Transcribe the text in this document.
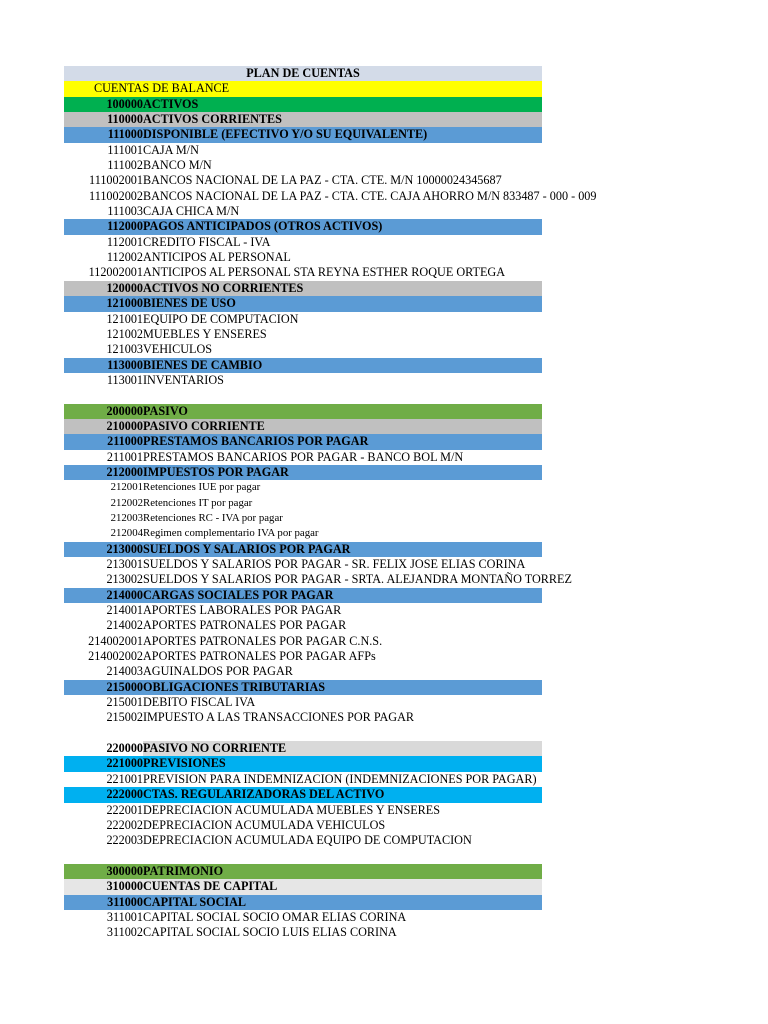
PLAN DE CUENTAS
CUENTAS DE BALANCE
100000 ACTIVOS
110000 ACTIVOS CORRIENTES
111000 DISPONIBLE (EFECTIVO Y/O SU EQUIVALENTE)
111001 CAJA M/N
111002 BANCO M/N
111002001 BANCOS NACIONAL DE LA PAZ - CTA. CTE. M/N 10000024345687
111002002 BANCOS NACIONAL DE LA PAZ - CTA. CTE. CAJA AHORRO M/N 833487 - 000 - 009
111003 CAJA CHICA M/N
112000 PAGOS ANTICIPADOS (OTROS ACTIVOS)
112001 CREDITO FISCAL - IVA
112002 ANTICIPOS AL PERSONAL
112002001 ANTICIPOS AL PERSONAL STA REYNA ESTHER ROQUE ORTEGA
120000 ACTIVOS NO CORRIENTES
121000 BIENES DE USO
121001 EQUIPO DE COMPUTACION
121002 MUEBLES Y ENSERES
121003 VEHICULOS
113000 BIENES DE CAMBIO
113001 INVENTARIOS
200000 PASIVO
210000 PASIVO CORRIENTE
211000 PRESTAMOS BANCARIOS POR PAGAR
211001 PRESTAMOS BANCARIOS POR PAGAR - BANCO BOL M/N
212000 IMPUESTOS POR PAGAR
212001 Retenciones IUE por pagar
212002 Retenciones IT por pagar
212003 Retenciones RC - IVA por pagar
212004 Regimen complementario IVA por pagar
213000 SUELDOS Y SALARIOS POR PAGAR
213001 SUELDOS Y SALARIOS POR PAGAR - SR. FELIX JOSE ELIAS CORINA
213002 SUELDOS Y SALARIOS POR PAGAR - SRTA. ALEJANDRA MONTAÑO TORREZ
214000 CARGAS SOCIALES POR PAGAR
214001 APORTES LABORALES POR PAGAR
214002 APORTES PATRONALES POR PAGAR
214002001 APORTES PATRONALES POR PAGAR C.N.S.
214002002 APORTES PATRONALES POR PAGAR AFPs
214003 AGUINALDOS POR PAGAR
215000 OBLIGACIONES TRIBUTARIAS
215001 DEBITO FISCAL IVA
215002 IMPUESTO A LAS TRANSACCIONES POR PAGAR
220000 PASIVO NO CORRIENTE
221000 PREVISIONES
221001 PREVISION PARA INDEMNIZACION (INDEMNIZACIONES POR PAGAR)
222000 CTAS. REGULARIZADORAS DEL ACTIVO
222001 DEPRECIACION ACUMULADA MUEBLES Y ENSERES
222002 DEPRECIACION ACUMULADA VEHICULOS
222003 DEPRECIACION ACUMULADA EQUIPO DE COMPUTACION
300000 PATRIMONIO
310000 CUENTAS DE CAPITAL
311000 CAPITAL SOCIAL
311001 CAPITAL SOCIAL SOCIO OMAR ELIAS CORINA
311002 CAPITAL SOCIAL SOCIO LUIS ELIAS CORINA
